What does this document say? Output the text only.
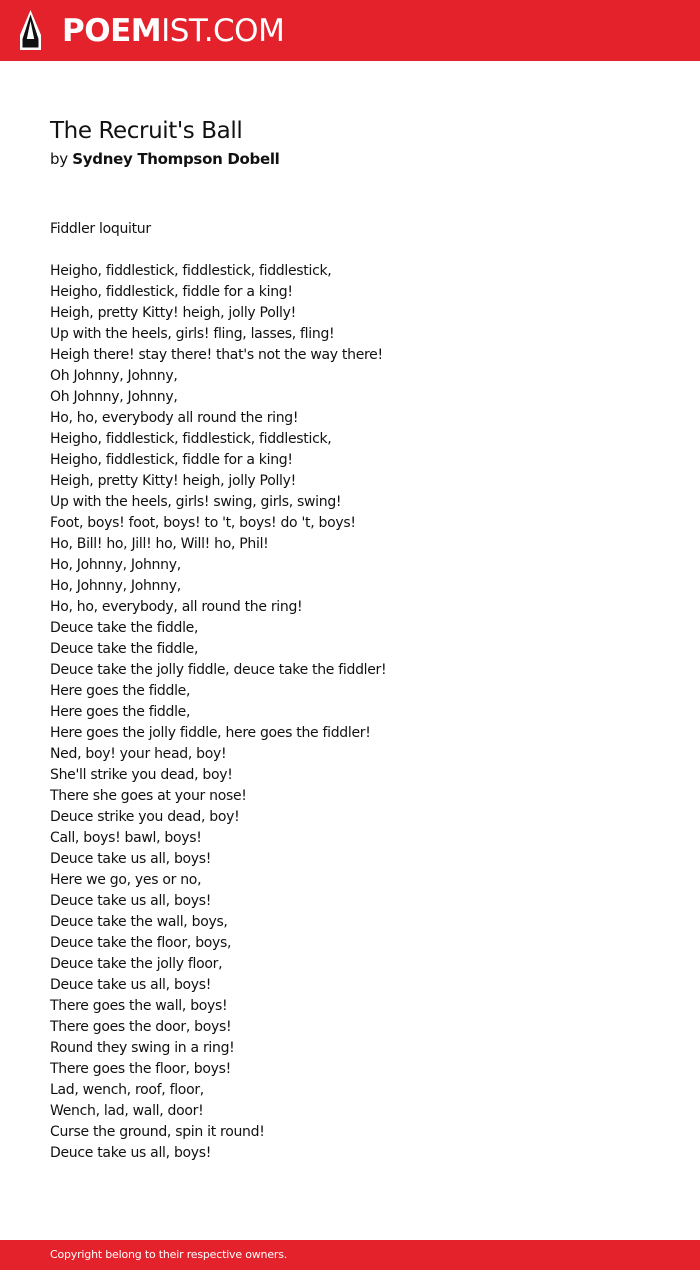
POEMIST.COM
The Recruit's Ball
by Sydney Thompson Dobell
Fiddler loquitur
Heigho, fiddlestick, fiddlestick, fiddlestick,
Heigho, fiddlestick, fiddle for a king!
Heigh, pretty Kitty! heigh, jolly Polly!
Up with the heels, girls! fling, lasses, fling!
Heigh there! stay there! that's not the way there!
Oh Johnny, Johnny,
Oh Johnny, Johnny,
Ho, ho, everybody all round the ring!
Heigho, fiddlestick, fiddlestick, fiddlestick,
Heigho, fiddlestick, fiddle for a king!
Heigh, pretty Kitty! heigh, jolly Polly!
Up with the heels, girls! swing, girls, swing!
Foot, boys! foot, boys! to 't, boys! do 't, boys!
Ho, Bill! ho, Jill! ho, Will! ho, Phil!
Ho, Johnny, Johnny,
Ho, Johnny, Johnny,
Ho, ho, everybody, all round the ring!
Deuce take the fiddle,
Deuce take the fiddle,
Deuce take the jolly fiddle, deuce take the fiddler!
Here goes the fiddle,
Here goes the fiddle,
Here goes the jolly fiddle, here goes the fiddler!
Ned, boy! your head, boy!
She'll strike you dead, boy!
There she goes at your nose!
Deuce strike you dead, boy!
Call, boys! bawl, boys!
Deuce take us all, boys!
Here we go, yes or no,
Deuce take us all, boys!
Deuce take the wall, boys,
Deuce take the floor, boys,
Deuce take the jolly floor,
Deuce take us all, boys!
There goes the wall, boys!
There goes the door, boys!
Round they swing in a ring!
There goes the floor, boys!
Lad, wench, roof, floor,
Wench, lad, wall, door!
Curse the ground, spin it round!
Deuce take us all, boys!
Copyright belong to their respective owners.
